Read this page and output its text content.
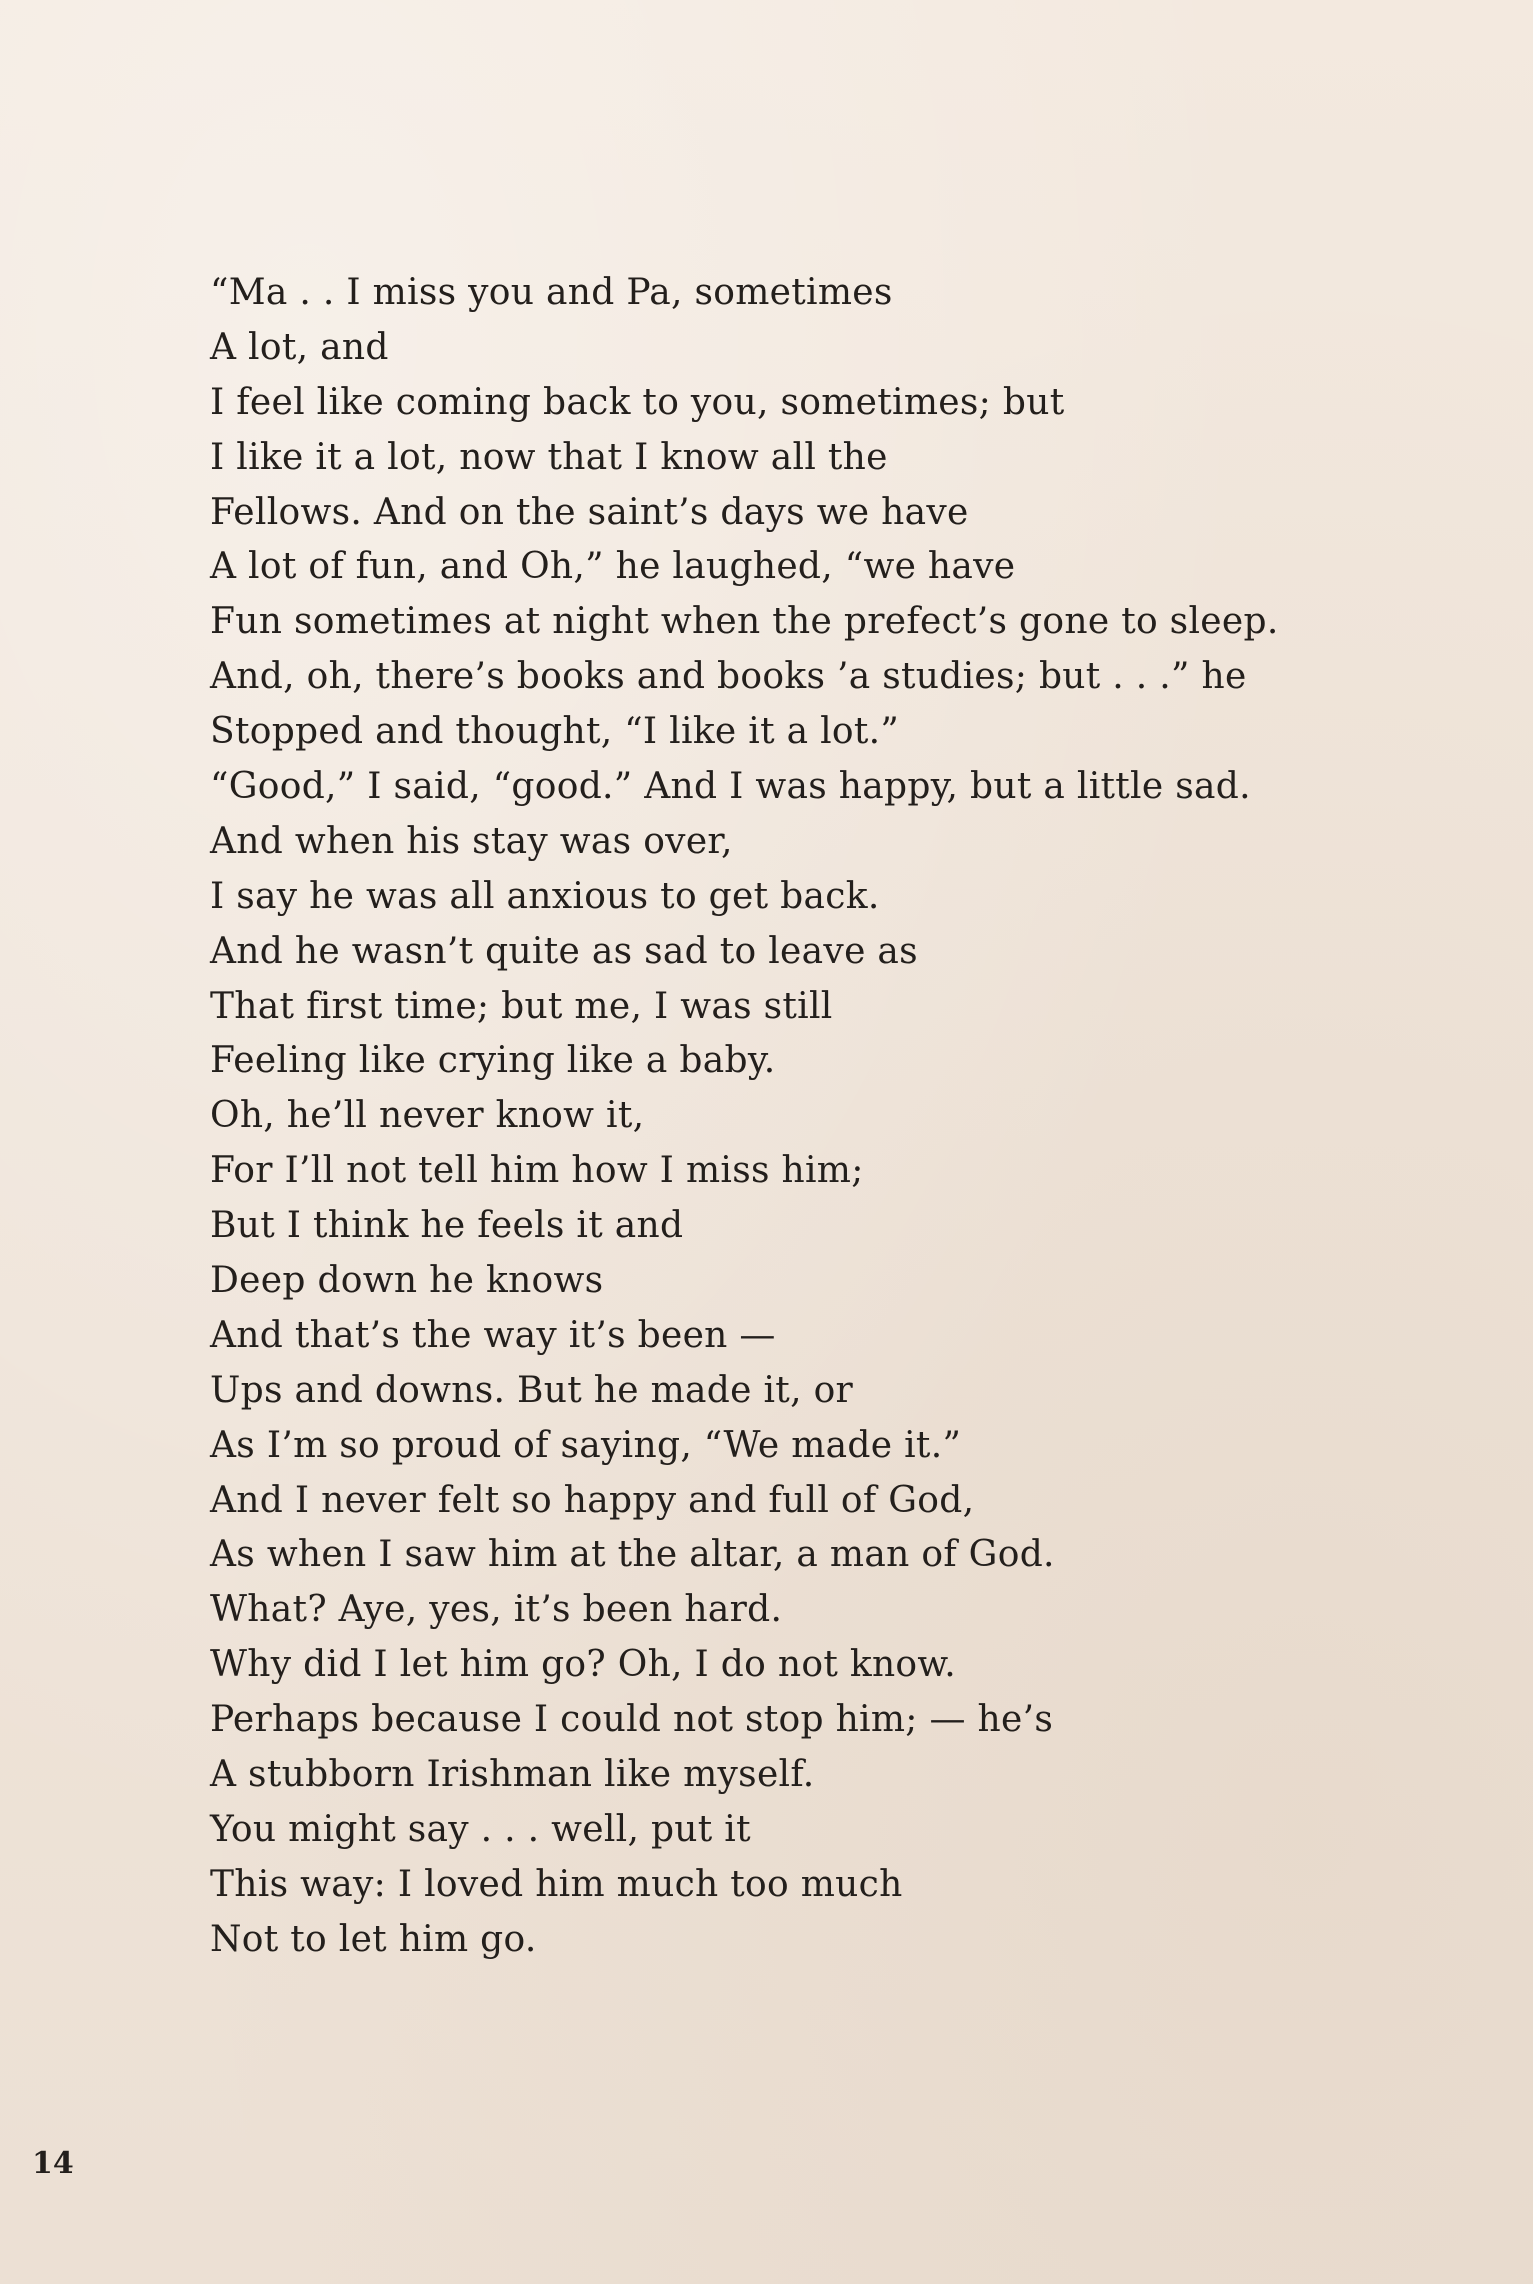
“Ma . . I miss you and Pa, sometimes
A lot, and
I feel like coming back to you, sometimes; but
I like it a lot, now that I know all the
Fellows. And on the saint’s days we have
A lot of fun, and Oh,” he laughed, “we have
Fun sometimes at night when the prefect’s gone to sleep.
And, oh, there’s books and books ’a studies; but . . .” he
Stopped and thought, “I like it a lot.”
“Good,” I said, “good.” And I was happy, but a little sad.
And when his stay was over,
I say he was all anxious to get back.
And he wasn’t quite as sad to leave as
That first time; but me, I was still
Feeling like crying like a baby.
Oh, he’ll never know it,
For I’ll not tell him how I miss him;
But I think he feels it and
Deep down he knows
And that’s the way it’s been —
Ups and downs. But he made it, or
As I’m so proud of saying, “We made it.”
And I never felt so happy and full of God,
As when I saw him at the altar, a man of God.
What? Aye, yes, it’s been hard.
Why did I let him go? Oh, I do not know.
Perhaps because I could not stop him; — he’s
A stubborn Irishman like myself.
You might say . . . well, put it
This way: I loved him much too much
Not to let him go.
14
